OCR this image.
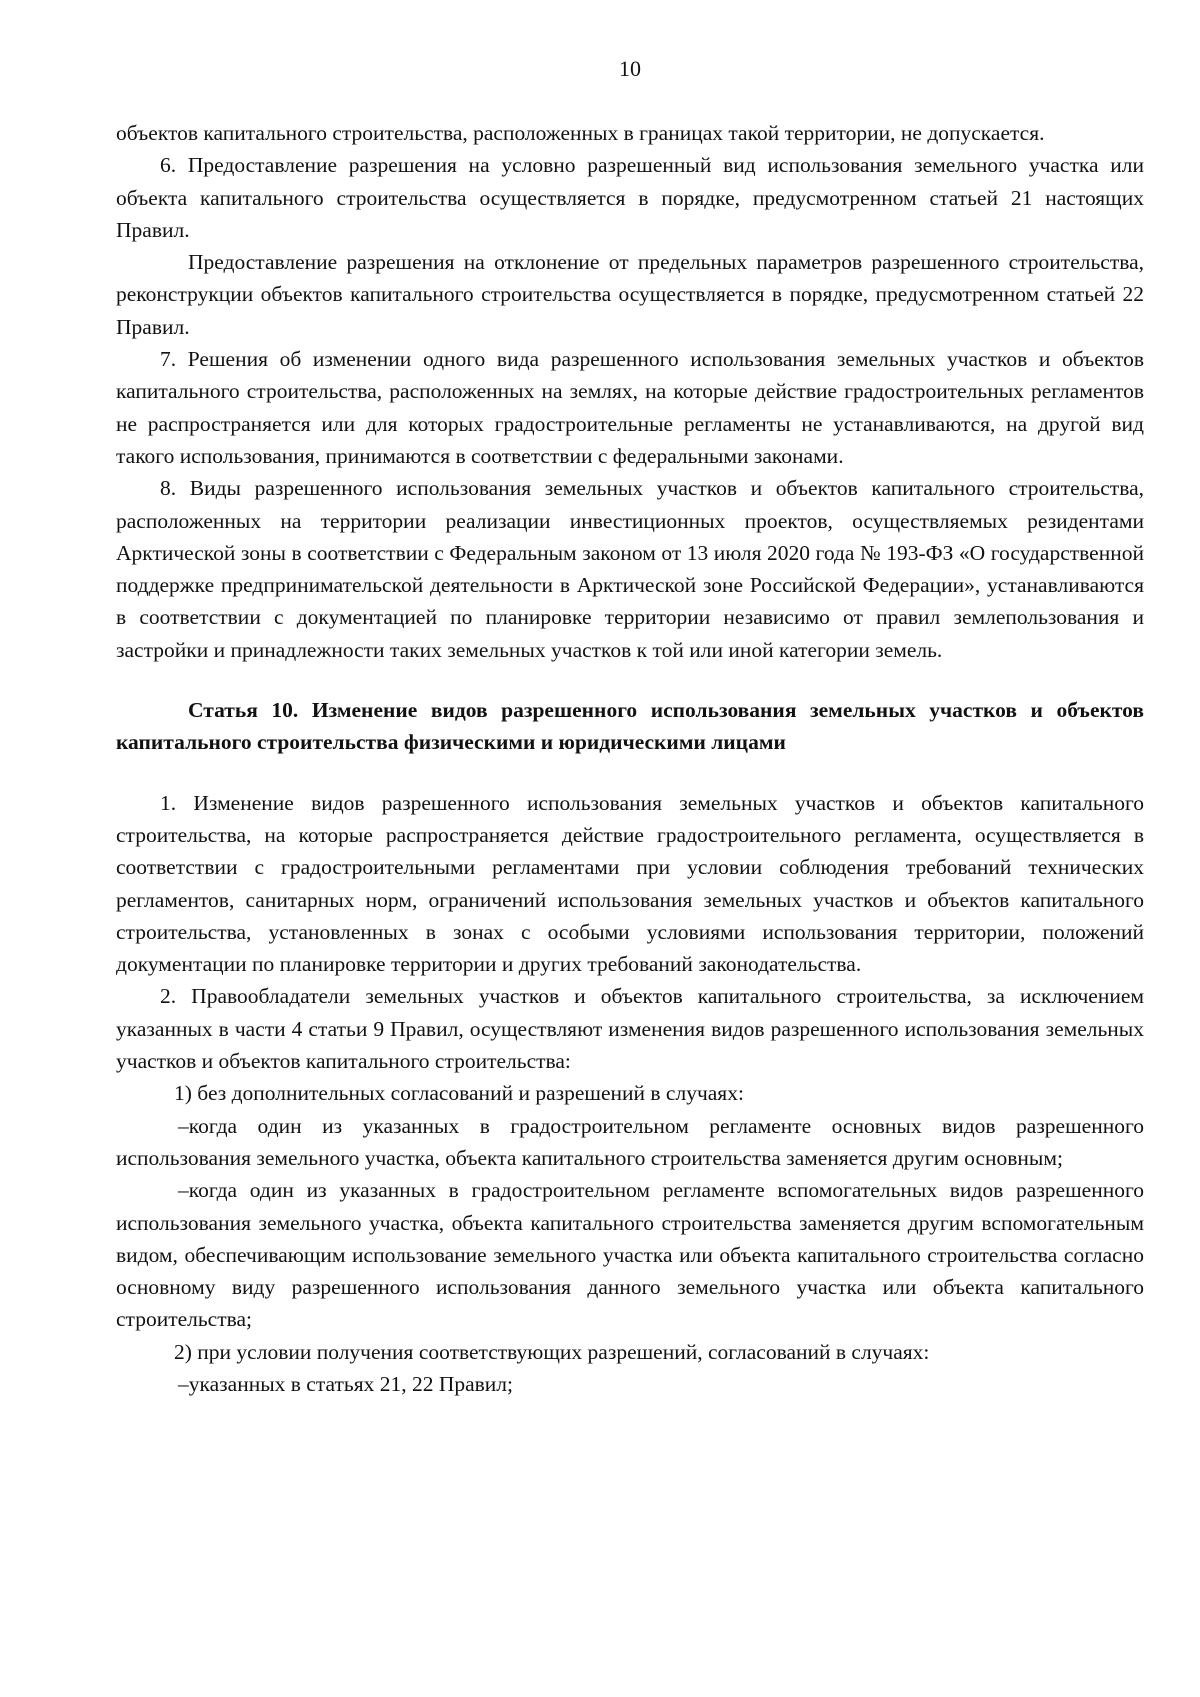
10

объектов капитального строительства, расположенных в границах такой территории, не допускается.

6. Предоставление разрешения на условно разрешенный вид использования земельного участка или объекта капитального строительства осуществляется в порядке, предусмотренном статьей 21 настоящих Правил.

Предоставление разрешения на отклонение от предельных параметров разрешенного строительства, реконструкции объектов капитального строительства осуществляется в порядке, предусмотренном статьей 22 Правил.

7. Решения об изменении одного вида разрешенного использования земельных участков и объектов капитального строительства, расположенных на землях, на которые действие градостроительных регламентов не распространяется или для которых градостроительные регламенты не устанавливаются, на другой вид такого использования, принимаются в соответствии с федеральными законами.

8. Виды разрешенного использования земельных участков и объектов капитального строительства, расположенных на территории реализации инвестиционных проектов, осуществляемых резидентами Арктической зоны в соответствии с Федеральным законом от 13 июля 2020 года № 193-ФЗ «О государственной поддержке предпринимательской деятельности в Арктической зоне Российской Федерации», устанавливаются в соответствии с документацией по планировке территории независимо от правил землепользования и застройки и принадлежности таких земельных участков к той или иной категории земель.

Статья 10. Изменение видов разрешенного использования земельных участков и объектов капитального строительства физическими и юридическими лицами

1. Изменение видов разрешенного использования земельных участков и объектов капитального строительства, на которые распространяется действие градостроительного регламента, осуществляется в соответствии с градостроительными регламентами при условии соблюдения требований технических регламентов, санитарных норм, ограничений использования земельных участков и объектов капитального строительства, установленных в зонах с особыми условиями использования территории, положений документации по планировке территории и других требований законодательства.

2. Правообладатели земельных участков и объектов капитального строительства, за исключением указанных в части 4 статьи 9 Правил, осуществляют изменения видов разрешенного использования земельных участков и объектов капитального строительства:

1) без дополнительных согласований и разрешений в случаях:

–когда один из указанных в градостроительном регламенте основных видов разрешенного использования земельного участка, объекта капитального строительства заменяется другим основным;

–когда один из указанных в градостроительном регламенте вспомогательных видов разрешенного использования земельного участка, объекта капитального строительства заменяется другим вспомогательным видом, обеспечивающим использование земельного участка или объекта капитального строительства согласно основному виду разрешенного использования данного земельного участка или объекта капитального строительства;

2) при условии получения соответствующих разрешений, согласований в случаях:

–указанных в статьях 21, 22 Правил;
